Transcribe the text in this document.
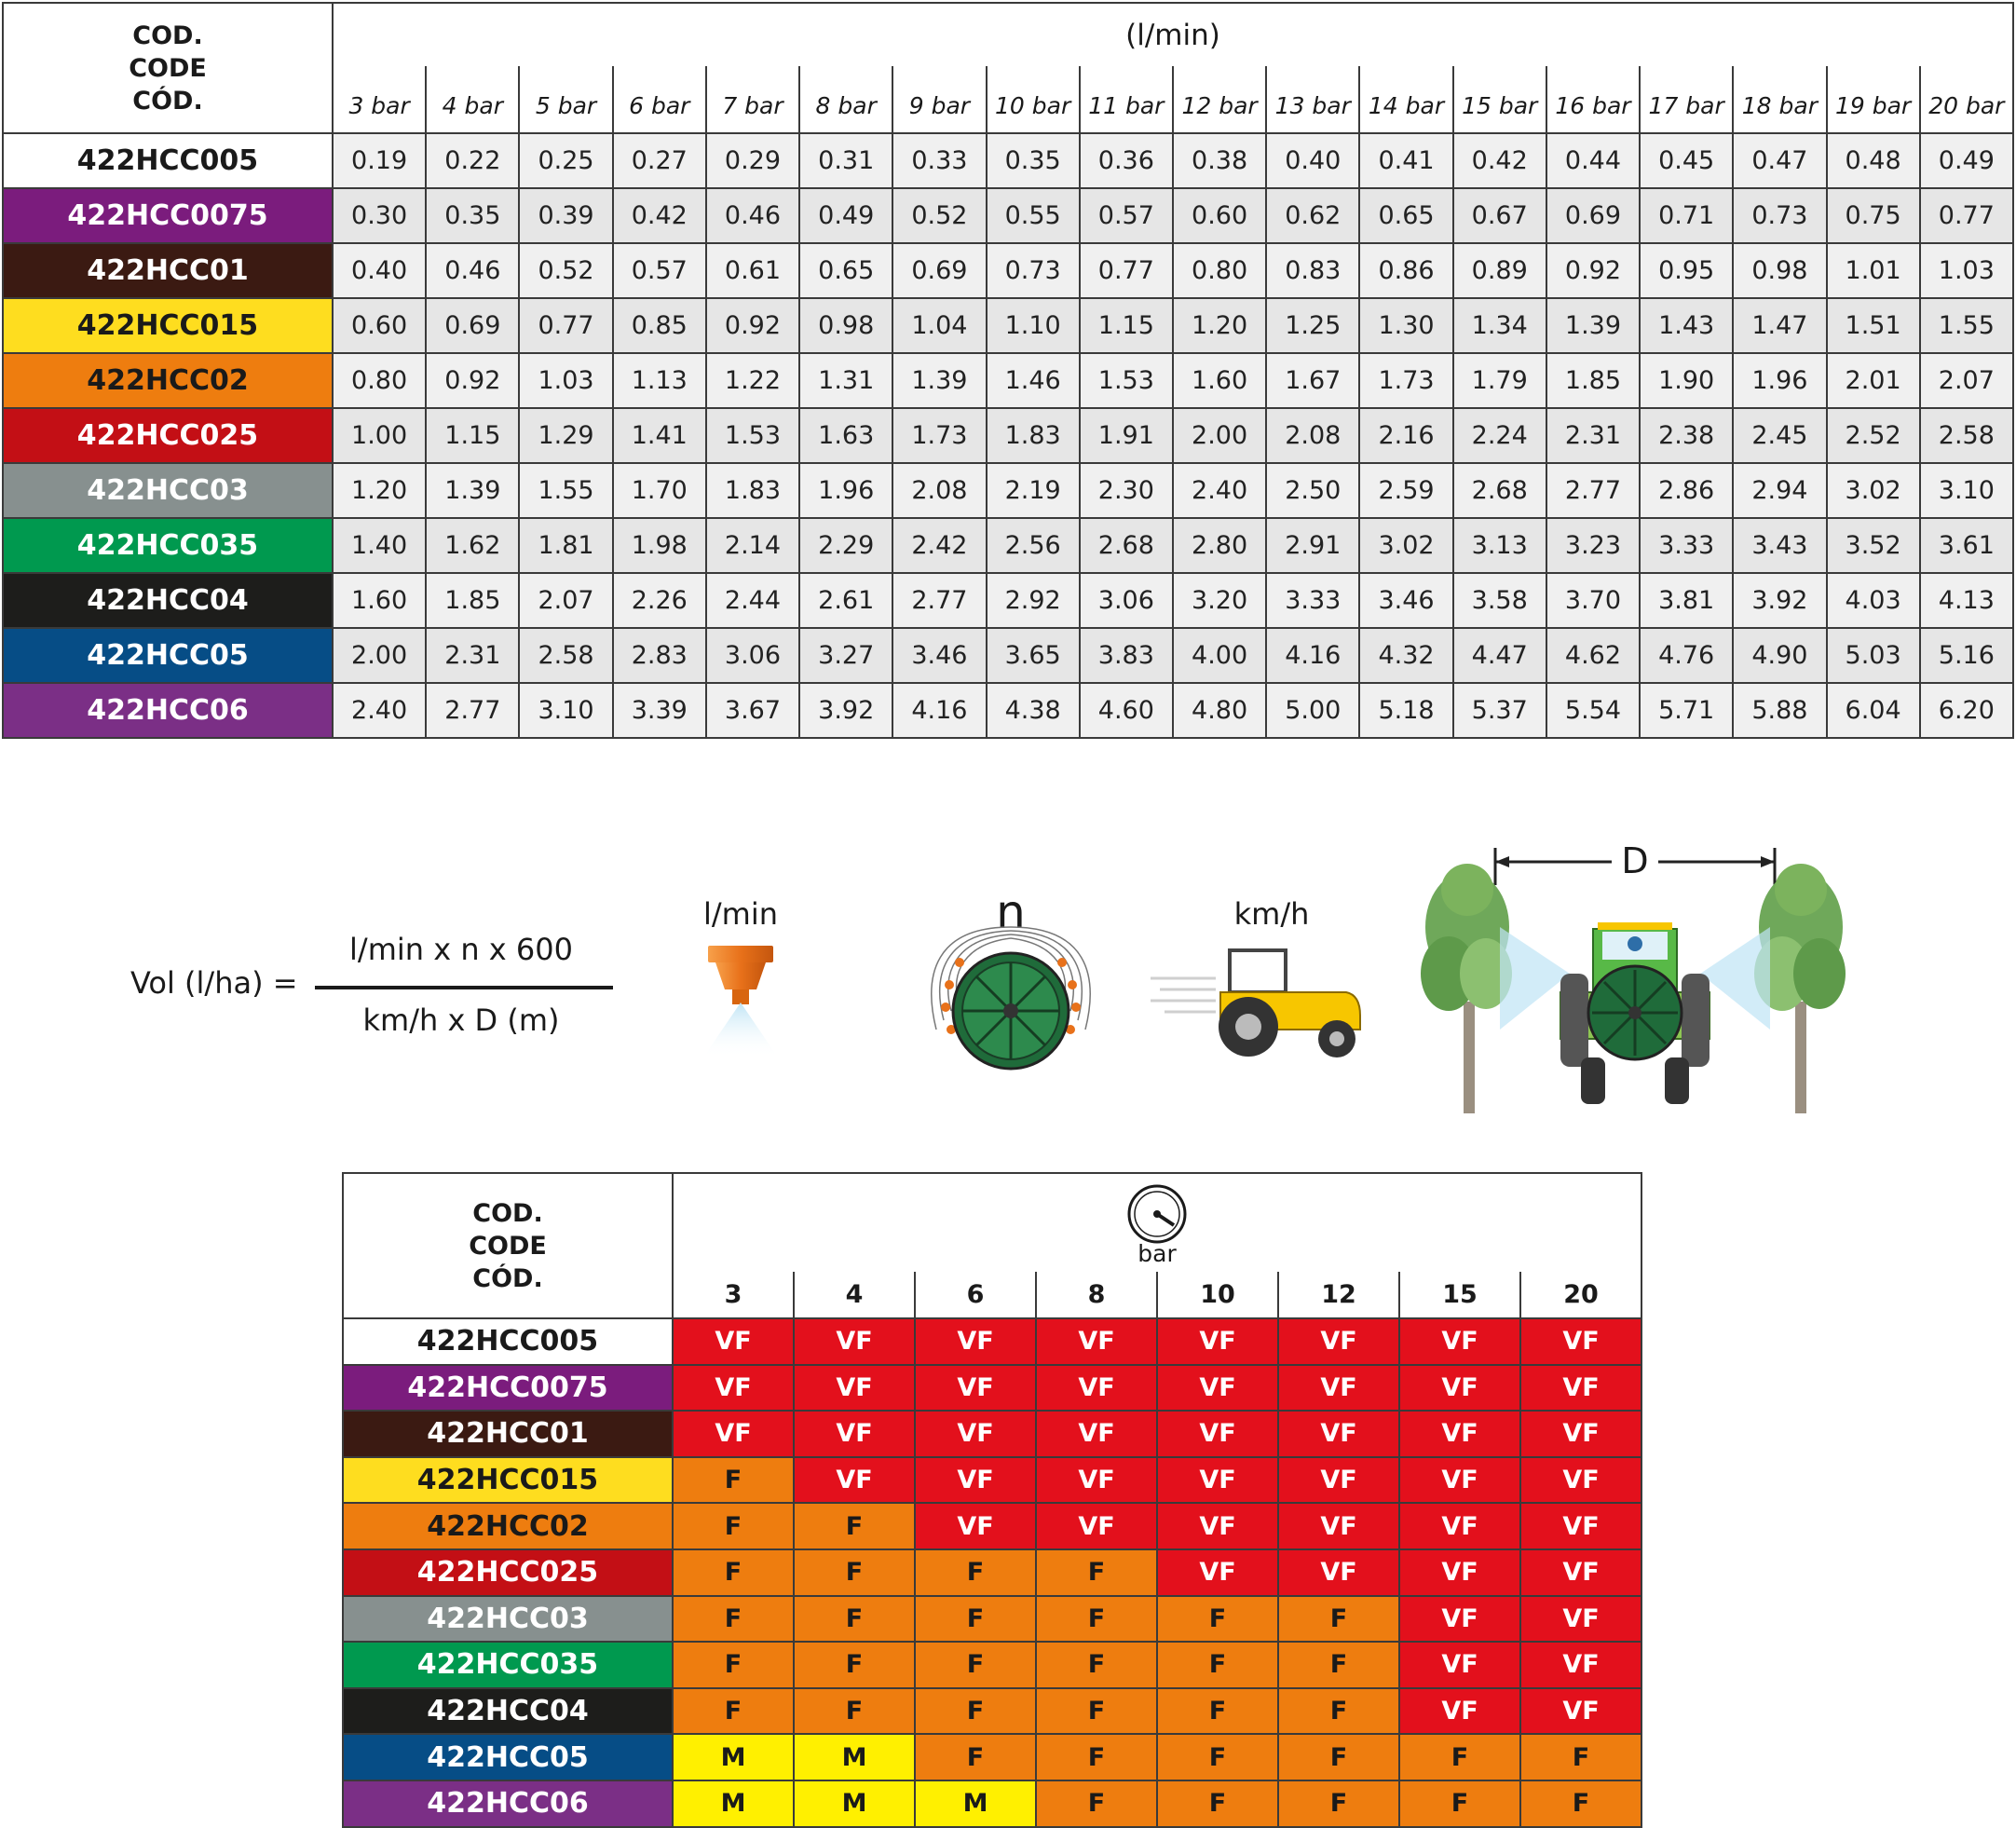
COD.
CODE
CÓD.	(l/min)																	
	3 bar	4 bar	5 bar	6 bar	7 bar	8 bar	9 bar	10 bar	11 bar	12 bar	13 bar	14 bar	15 bar	16 bar	17 bar	18 bar	19 bar	20 bar
422HCC005	0.19	0.22	0.25	0.27	0.29	0.31	0.33	0.35	0.36	0.38	0.40	0.41	0.42	0.44	0.45	0.47	0.48	0.49
422HCC0075	0.30	0.35	0.39	0.42	0.46	0.49	0.52	0.55	0.57	0.60	0.62	0.65	0.67	0.69	0.71	0.73	0.75	0.77
422HCC01	0.40	0.46	0.52	0.57	0.61	0.65	0.69	0.73	0.77	0.80	0.83	0.86	0.89	0.92	0.95	0.98	1.01	1.03
422HCC015	0.60	0.69	0.77	0.85	0.92	0.98	1.04	1.10	1.15	1.20	1.25	1.30	1.34	1.39	1.43	1.47	1.51	1.55
422HCC02	0.80	0.92	1.03	1.13	1.22	1.31	1.39	1.46	1.53	1.60	1.67	1.73	1.79	1.85	1.90	1.96	2.01	2.07
422HCC025	1.00	1.15	1.29	1.41	1.53	1.63	1.73	1.83	1.91	2.00	2.08	2.16	2.24	2.31	2.38	2.45	2.52	2.58
422HCC03	1.20	1.39	1.55	1.70	1.83	1.96	2.08	2.19	2.30	2.40	2.50	2.59	2.68	2.77	2.86	2.94	3.02	3.10
422HCC035	1.40	1.62	1.81	1.98	2.14	2.29	2.42	2.56	2.68	2.80	2.91	3.02	3.13	3.23	3.33	3.43	3.52	3.61
422HCC04	1.60	1.85	2.07	2.26	2.44	2.61	2.77	2.92	3.06	3.20	3.33	3.46	3.58	3.70	3.81	3.92	4.03	4.13
422HCC05	2.00	2.31	2.58	2.83	3.06	3.27	3.46	3.65	3.83	4.00	4.16	4.32	4.47	4.62	4.76	4.90	5.03	5.16
422HCC06	2.40	2.77	3.10	3.39	3.67	3.92	4.16	4.38	4.60	4.80	5.00	5.18	5.37	5.54	5.71	5.88	6.04	6.20
Vol (l/ha) =
l/min x n x 600
km/h x D (m)
l/min	n	km/h
D
COD.
CODE
CÓD.	bar							

	3	4	6	8	10	12	15	20
422HCC005	VF	VF	VF	VF	VF	VF	VF	VF
422HCC0075	VF	VF	VF	VF	VF	VF	VF	VF
422HCC01	VF	VF	VF	VF	VF	VF	VF	VF
422HCC015	F	VF	VF	VF	VF	VF	VF	VF
422HCC02	F	F	VF	VF	VF	VF	VF	VF
422HCC025	F	F	F	F	VF	VF	VF	VF
422HCC03	F	F	F	F	F	F	VF	VF
422HCC035	F	F	F	F	F	F	VF	VF
422HCC04	F	F	F	F	F	F	VF	VF
422HCC05	M	M	F	F	F	F	F	F
422HCC06	M	M	M	F	F	F	F	F
